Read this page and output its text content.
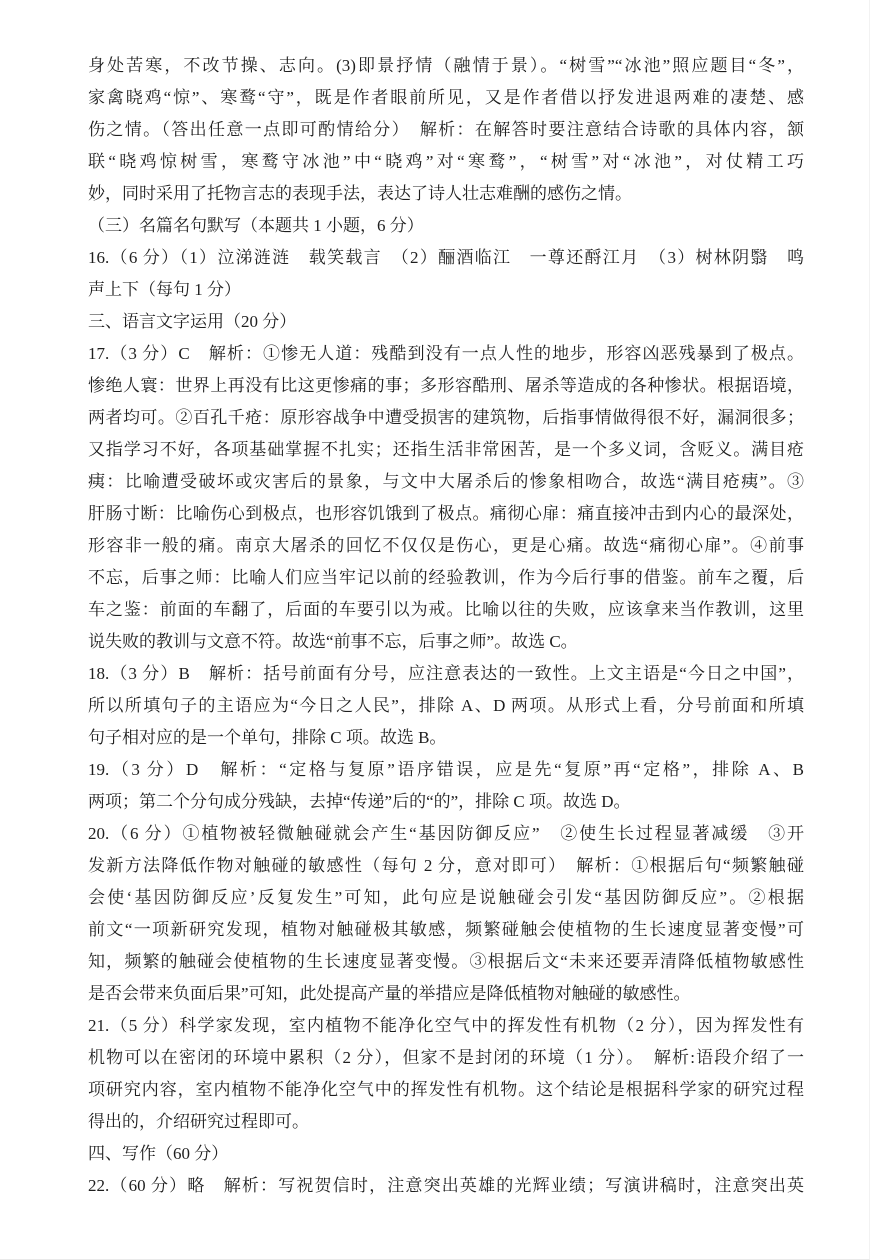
身处苦寒，不改节操、志向。(3)即景抒情（融情于景）。“树雪”“冰池”照应题目“冬”，
家禽晓鸡“惊”、寒鹜“守”，既是作者眼前所见，又是作者借以抒发进退两难的凄楚、感
伤之情。（答出任意一点即可酌情给分）　解析：在解答时要注意结合诗歌的具体内容，颔
联“晓鸡惊树雪，寒鹜守冰池”中“晓鸡”对“寒鹜”，“树雪”对“冰池”，对仗精工巧
妙，同时采用了托物言志的表现手法，表达了诗人壮志难酬的感伤之情。
（三）名篇名句默写（本题共 1 小题，6 分）
16.（6 分）（1）泣涕涟涟　载笑载言　（2）酾酒临江　一尊还酹江月　（3）树林阴翳　鸣
声上下（每句 1 分）
三、语言文字运用（20 分）
17.（3 分）C　解析：①惨无人道：残酷到没有一点人性的地步，形容凶恶残暴到了极点。
惨绝人寰：世界上再没有比这更惨痛的事；多形容酷刑、屠杀等造成的各种惨状。根据语境，
两者均可。②百孔千疮：原形容战争中遭受损害的建筑物，后指事情做得很不好，漏洞很多；
又指学习不好，各项基础掌握不扎实；还指生活非常困苦，是一个多义词，含贬义。满目疮
痍：比喻遭受破坏或灾害后的景象，与文中大屠杀后的惨象相吻合，故选“满目疮痍”。③
肝肠寸断：比喻伤心到极点，也形容饥饿到了极点。痛彻心扉：痛直接冲击到内心的最深处，
形容非一般的痛。南京大屠杀的回忆不仅仅是伤心，更是心痛。故选“痛彻心扉”。④前事
不忘，后事之师：比喻人们应当牢记以前的经验教训，作为今后行事的借鉴。前车之覆，后
车之鉴：前面的车翻了，后面的车要引以为戒。比喻以往的失败，应该拿来当作教训，这里
说失败的教训与文意不符。故选“前事不忘，后事之师”。故选 C。
18.（3 分）B　解析：括号前面有分号，应注意表达的一致性。上文主语是“今日之中国”，
所以所填句子的主语应为“今日之人民”，排除 A、D 两项。从形式上看，分号前面和所填
句子相对应的是一个单句，排除 C 项。故选 B。
19.（3 分）D　解析：“定格与复原”语序错误，应是先“复原”再“定格”，排除 A、B
两项；第二个分句成分残缺，去掉“传递”后的“的”，排除 C 项。故选 D。
20.（6 分）①植物被轻微触碰就会产生“基因防御反应”　②使生长过程显著减缓　③开
发新方法降低作物对触碰的敏感性（每句 2 分，意对即可）　解析：①根据后句“频繁触碰
会使‘基因防御反应’反复发生”可知，此句应是说触碰会引发“基因防御反应”。②根据
前文“一项新研究发现，植物对触碰极其敏感，频繁碰触会使植物的生长速度显著变慢”可
知，频繁的触碰会使植物的生长速度显著变慢。③根据后文“未来还要弄清降低植物敏感性
是否会带来负面后果”可知，此处提高产量的举措应是降低植物对触碰的敏感性。
21.（5 分）科学家发现，室内植物不能净化空气中的挥发性有机物（2 分），因为挥发性有
机物可以在密闭的环境中累积（2 分），但家不是封闭的环境（1 分）。　解析:语段介绍了一
项研究内容，室内植物不能净化空气中的挥发性有机物。这个结论是根据科学家的研究过程
得出的，介绍研究过程即可。
四、写作（60 分）
22.（60 分）略　解析：写祝贺信时，注意突出英雄的光辉业绩；写演讲稿时，注意突出英
